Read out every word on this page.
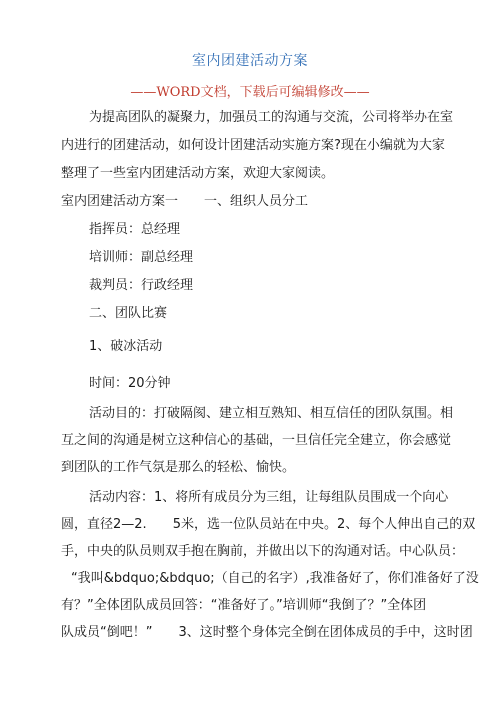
室内团建活动方案
——WORD文档，下载后可编辑修改——
为提高团队的凝聚力，加强员工的沟通与交流，公司将举办在室
内进行的团建活动，如何设计团建活动实施方案?现在小编就为大家
整理了一些室内团建活动方案，欢迎大家阅读。
室内团建活动方案一 一、组织人员分工
指挥员：总经理
培训师：副总经理
裁判员：行政经理
二、团队比赛
1、破冰活动
时间：20分钟
活动目的：打破隔阂、建立相互熟知、相互信任的团队氛围。相
互之间的沟通是树立这种信心的基础，一旦信任完全建立，你会感觉
到团队的工作气氛是那么的轻松、愉快。
活动内容：1、将所有成员分为三组，让每组队员围成一个向心
圆，直径2—2. 5米，选一位队员站在中央。2、每个人伸出自己的双
手，中央的队员则双手抱在胸前，并做出以下的沟通对话。中心队员：
“我叫&bdquo;&bdquo;（自己的名字）,我准备好了，你们准备好了没
有？”全体团队成员回答：“准备好了。”培训师“我倒了？”全体团
队成员“倒吧！” 3、这时整个身体完全倒在团体成员的手中，这时团
